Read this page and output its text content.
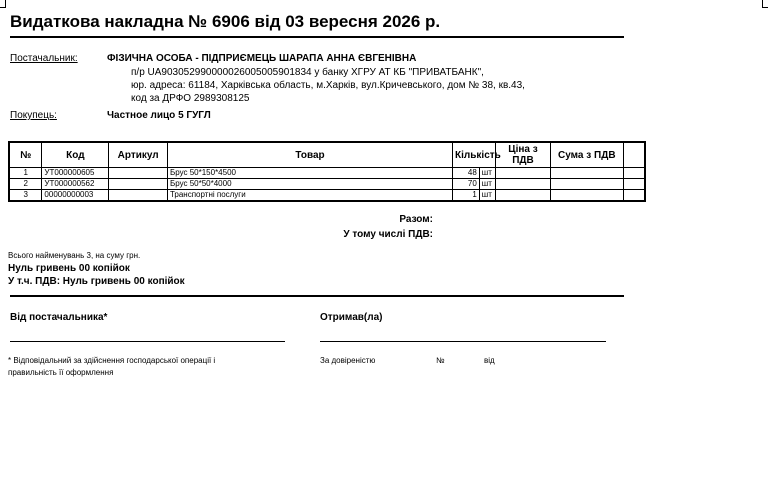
Видаткова накладна № 6906 від 03 вересня 2026 р.
Постачальник:	ФІЗИЧНА ОСОБА - ПІДПРИЄМЕЦЬ ШАРАПА АННА ЄВГЕНІВНА
п/р UA903052990000026005005901834 у банку ХГРУ АТ КБ "ПРИВАТБАНК",
юр. адреса: 61184, Харківська область, м.Харків, вул.Кричевського, дом № 38, кв.43,
код за ДРФО 2989308125
Покупець:	Частное лицо 5 ГУГЛ
№	Код	Артикул	Товар	Кількість		Ціна з ПДВ	Сума з ПДВ	
1	УТ000000605		Брус 50*150*4500	48	шт			
2	УТ000000562		Брус 50*50*4000	70	шт			
3	00000000003		Транспортні послуги	1	шт			
Разом:
У тому числі ПДВ:
Всього найменувань 3, на суму грн.
Нуль гривень 00 копійок
У т.ч. ПДВ: Нуль гривень 00 копійок
Від постачальника*	Отримав(ла)
* Відповідальний за здійснення господарської операції і
правильність її оформлення
За довіреністю	№	від
